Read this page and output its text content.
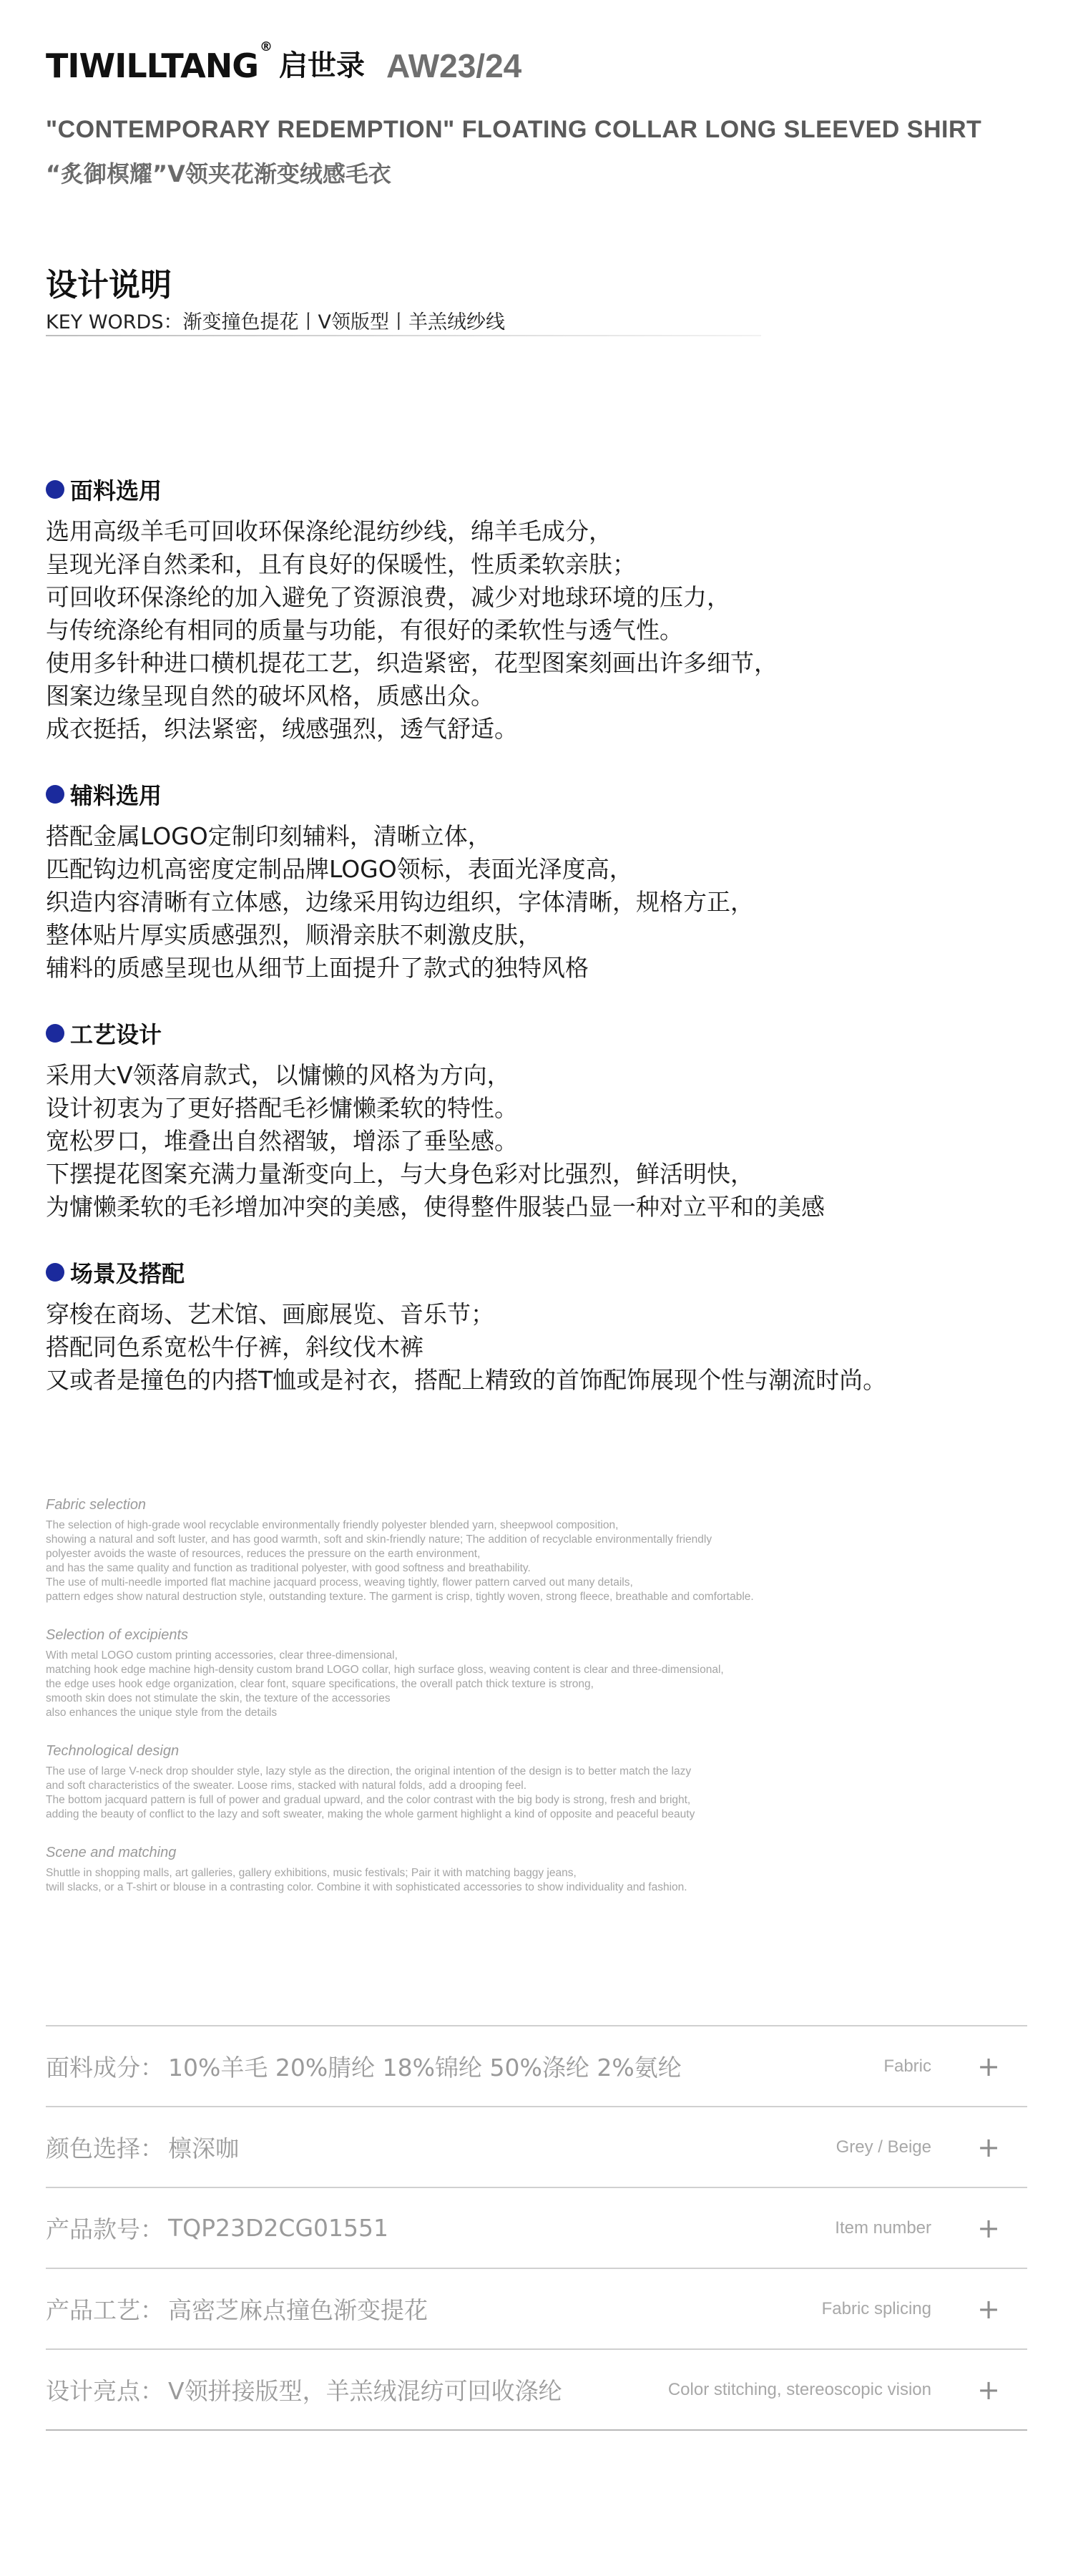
TIWILLTANG ®
启世录 AW23/24
"CONTEMPORARY REDEMPTION" FLOATING COLLAR LONG SLEEVED SHIRT
“炙御榠耀”V领夹花渐变绒感毛衣
设计说明
KEY WORDS：渐变撞色提花丨V领版型丨羊羔绒纱线
面料选用
选用高级羊毛可回收环保涤纶混纺纱线，绵羊毛成分，
呈现光泽自然柔和，且有良好的保暖性，性质柔软亲肤；
可回收环保涤纶的加入避免了资源浪费，减少对地球环境的压力，
与传统涤纶有相同的质量与功能，有很好的柔软性与透气性。
使用多针种进口横机提花工艺，织造紧密，花型图案刻画出许多细节，
图案边缘呈现自然的破坏风格，质感出众。
成衣挺括，织法紧密，绒感强烈，透气舒适。
辅料选用
搭配金属LOGO定制印刻辅料，清晰立体，
匹配钩边机高密度定制品牌LOGO领标，表面光泽度高，
织造内容清晰有立体感，边缘采用钩边组织，字体清晰，规格方正，
整体贴片厚实质感强烈，顺滑亲肤不刺激皮肤，
辅料的质感呈现也从细节上面提升了款式的独特风格
工艺设计
采用大V领落肩款式，以慵懒的风格为方向，
设计初衷为了更好搭配毛衫慵懒柔软的特性。
宽松罗口，堆叠出自然褶皱，增添了垂坠感。
下摆提花图案充满力量渐变向上，与大身色彩对比强烈，鲜活明快，
为慵懒柔软的毛衫增加冲突的美感，使得整件服装凸显一种对立平和的美感
场景及搭配
穿梭在商场、艺术馆、画廊展览、音乐节；
搭配同色系宽松牛仔裤，斜纹伐木裤
又或者是撞色的内搭T恤或是衬衣，搭配上精致的首饰配饰展现个性与潮流时尚。
Fabric selection
The selection of high-grade wool recyclable environmentally friendly polyester blended yarn, sheepwool composition,
showing a natural and soft luster, and has good warmth, soft and skin-friendly nature; The addition of recyclable environmentally friendly
polyester avoids the waste of resources, reduces the pressure on the earth environment,
and has the same quality and function as traditional polyester, with good softness and breathability.
The use of multi-needle imported flat machine jacquard process, weaving tightly, flower pattern carved out many details,
pattern edges show natural destruction style, outstanding texture. The garment is crisp, tightly woven, strong fleece, breathable and comfortable.
Selection of excipients
With metal LOGO custom printing accessories, clear three-dimensional,
matching hook edge machine high-density custom brand LOGO collar, high surface gloss, weaving content is clear and three-dimensional,
the edge uses hook edge organization, clear font, square specifications, the overall patch thick texture is strong,
smooth skin does not stimulate the skin, the texture of the accessories
also enhances the unique style from the details
Technological design
The use of large V-neck drop shoulder style, lazy style as the direction, the original intention of the design is to better match the lazy
and soft characteristics of the sweater. Loose rims, stacked with natural folds, add a drooping feel.
The bottom jacquard pattern is full of power and gradual upward, and the color contrast with the big body is strong, fresh and bright,
adding the beauty of conflict to the lazy and soft sweater, making the whole garment highlight a kind of opposite and peaceful beauty
Scene and matching
Shuttle in shopping malls, art galleries, gallery exhibitions, music festivals; Pair it with matching baggy jeans,
twill slacks, or a T-shirt or blouse in a contrasting color. Combine it with sophisticated accessories to show individuality and fashion.
面料成分 ： 10%羊毛 20%腈纶 18%锦纶 50%涤纶 2%氨纶	Fabric +
颜色选择 ： 檩深咖	Grey / Beige +
产品款号 ： TQP23D2CG01551	Item number +
产品工艺 ： 高密芝麻点撞色渐变提花	Fabric splicing +
设计亮点 ： V领拼接版型，羊羔绒混纺可回收涤纶	Color stitching, stereoscopic vision +
